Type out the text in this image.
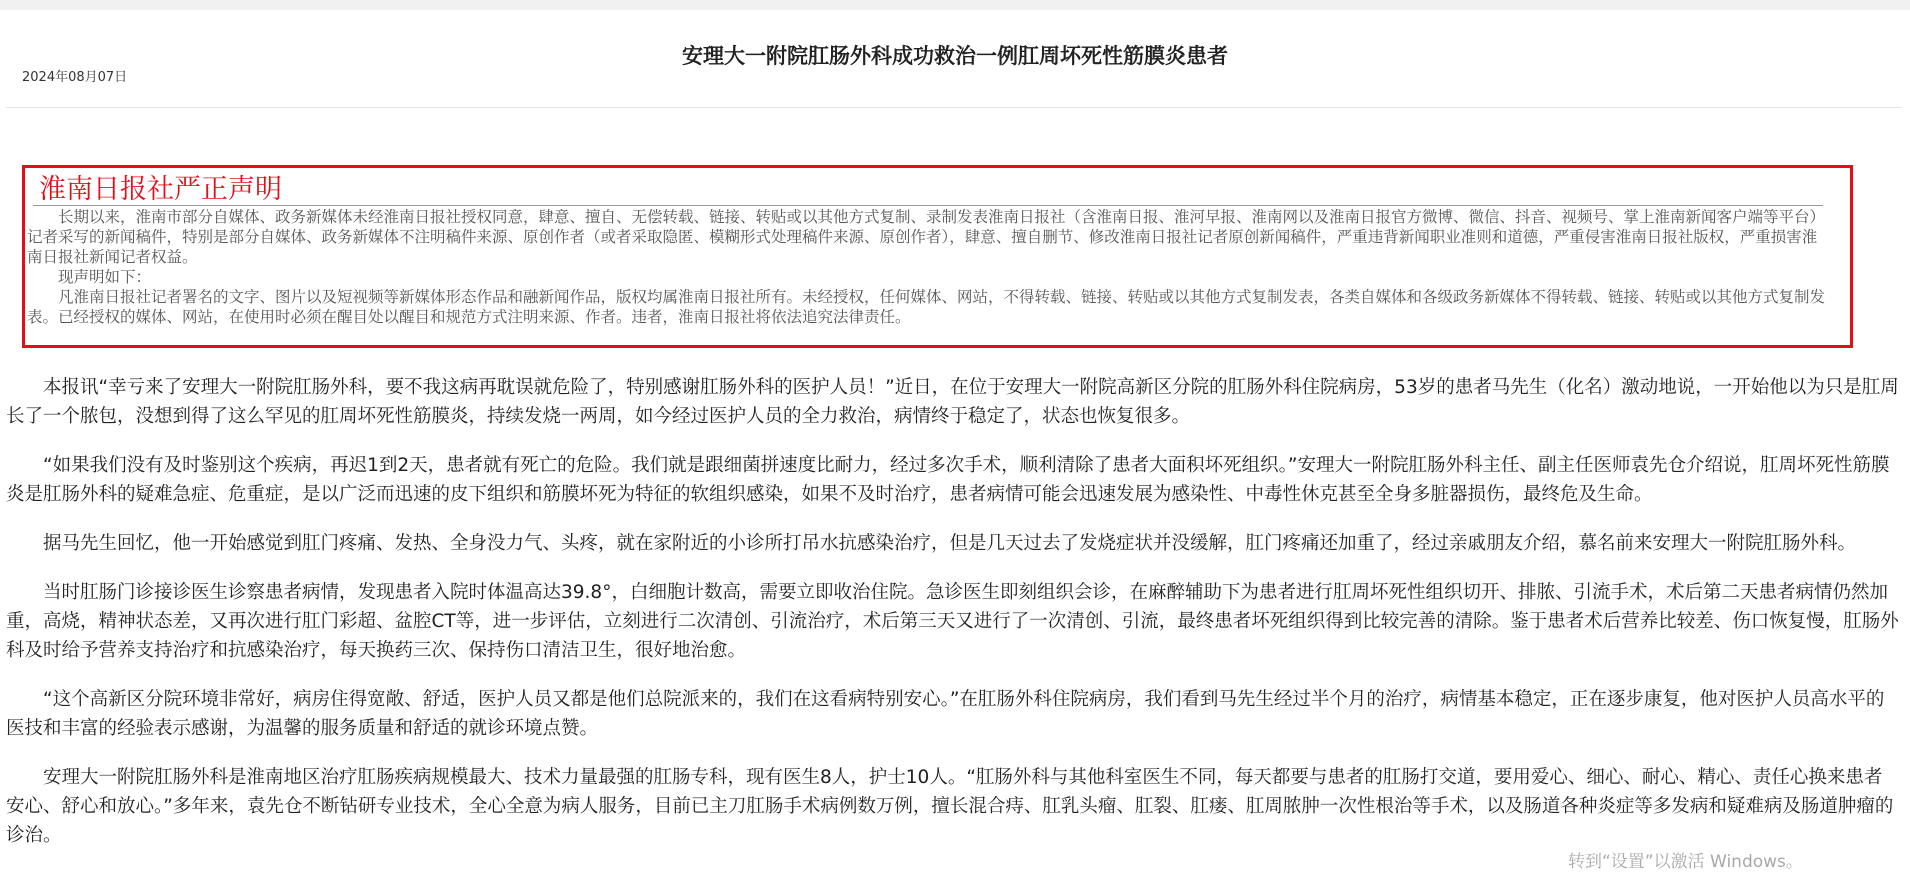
安理大一附院肛肠外科成功救治一例肛周坏死性筋膜炎患者
2024年08月07日
淮南日报社严正声明

长期以来，淮南市部分自媒体、政务新媒体未经淮南日报社授权同意，肆意、擅自、无偿转载、链接、转贴或以其他方式复制、录制发表淮南日报社（含淮南日报、淮河早报、淮南网以及淮南日报官方微博、微信、抖音、视频号、掌上淮南新闻客户端等平台）记者采写的新闻稿件，特别是部分自媒体、政务新媒体不注明稿件来源、原创作者（或者采取隐匿、模糊形式处理稿件来源、原创作者），肆意、擅自删节、修改淮南日报社记者原创新闻稿件，严重违背新闻职业准则和道德，严重侵害淮南日报社版权，严重损害淮南日报社新闻记者权益。

现声明如下：

凡淮南日报社记者署名的文字、图片以及短视频等新媒体形态作品和融新闻作品，版权均属淮南日报社所有。未经授权，任何媒体、网站，不得转载、链接、转贴或以其他方式复制发表，各类自媒体和各级政务新媒体不得转载、链接、转贴或以其他方式复制发表。已经授权的媒体、网站，在使用时必须在醒目处以醒目和规范方式注明来源、作者。违者，淮南日报社将依法追究法律责任。

本报讯“幸亏来了安理大一附院肛肠外科，要不我这病再耽误就危险了，特别感谢肛肠外科的医护人员！”近日，在位于安理大一附院高新区分院的肛肠外科住院病房，53岁的患者马先生（化名）激动地说，一开始他以为只是肛周长了一个脓包，没想到得了这么罕见的肛周坏死性筋膜炎，持续发烧一两周，如今经过医护人员的全力救治，病情终于稳定了，状态也恢复很多。

“如果我们没有及时鉴别这个疾病，再迟1到2天，患者就有死亡的危险。我们就是跟细菌拼速度比耐力，经过多次手术，顺利清除了患者大面积坏死组织。”安理大一附院肛肠外科主任、副主任医师袁先仓介绍说，肛周坏死性筋膜炎是肛肠外科的疑难急症、危重症，是以广泛而迅速的皮下组织和筋膜坏死为特征的软组织感染，如果不及时治疗，患者病情可能会迅速发展为感染性、中毒性休克甚至全身多脏器损伤，最终危及生命。

据马先生回忆，他一开始感觉到肛门疼痛、发热、全身没力气、头疼，就在家附近的小诊所打吊水抗感染治疗，但是几天过去了发烧症状并没缓解，肛门疼痛还加重了，经过亲戚朋友介绍，慕名前来安理大一附院肛肠外科。

当时肛肠门诊接诊医生诊察患者病情，发现患者入院时体温高达39.8°，白细胞计数高，需要立即收治住院。急诊医生即刻组织会诊，在麻醉辅助下为患者进行肛周坏死性组织切开、排脓、引流手术，术后第二天患者病情仍然加重，高烧，精神状态差，又再次进行肛门彩超、盆腔CT等，进一步评估，立刻进行二次清创、引流治疗，术后第三天又进行了一次清创、引流，最终患者坏死组织得到比较完善的清除。鉴于患者术后营养比较差、伤口恢复慢，肛肠外科及时给予营养支持治疗和抗感染治疗，每天换药三次、保持伤口清洁卫生，很好地治愈。

“这个高新区分院环境非常好，病房住得宽敞、舒适，医护人员又都是他们总院派来的，我们在这看病特别安心。”在肛肠外科住院病房，我们看到马先生经过半个月的治疗，病情基本稳定，正在逐步康复，他对医护人员高水平的医技和丰富的经验表示感谢，为温馨的服务质量和舒适的就诊环境点赞。

安理大一附院肛肠外科是淮南地区治疗肛肠疾病规模最大、技术力量最强的肛肠专科，现有医生8人，护士10人。“肛肠外科与其他科室医生不同，每天都要与患者的肛肠打交道，要用爱心、细心、耐心、精心、责任心换来患者安心、舒心和放心。”多年来，袁先仓不断钻研专业技术，全心全意为病人服务，目前已主刀肛肠手术病例数万例，擅长混合痔、肛乳头瘤、肛裂、肛瘘、肛周脓肿一次性根治等手术，以及肠道各种炎症等多发病和疑难病及肠道肿瘤的诊治。

转到“设置”以激活 Windows。
